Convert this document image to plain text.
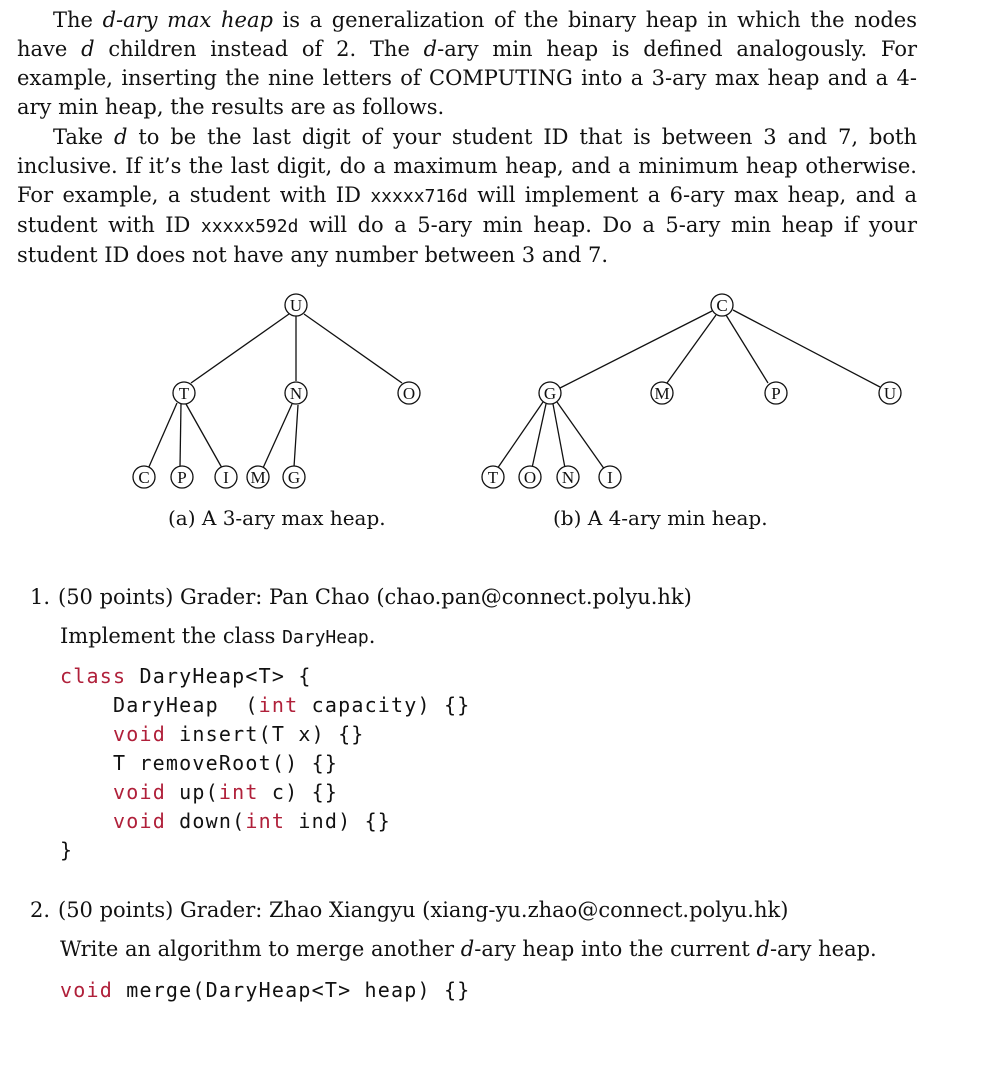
The d-ary max heap is a generalization of the binary heap in which the nodes have d children instead of 2. The d-ary min heap is defined analogously. For example, inserting the nine letters of COMPUTING into a 3-ary max heap and a 4-ary min heap, the results are as follows.

Take d to be the last digit of your student ID that is between 3 and 7, both inclusive. If it’s the last digit, do a maximum heap, and a minimum heap otherwise. For example, a student with ID xxxxx716d will implement a 6-ary max heap, and a student with ID xxxxx592d will do a 5-ary min heap. Do a 5-ary min heap if your student ID does not have any number between 3 and 7.

U
T	N	O
C P I M G
(a) A 3-ary max heap.
C
G	M	P	U
T O N I
(b) A 4-ary min heap.
1. (50 points) Grader: Pan Chao (chao.pan@connect.polyu.hk)
Implement the class DaryHeap.
class DaryHeap<T> {
DaryHeap  (int capacity) {}
void insert(T x) {}
T removeRoot() {}
void up(int c) {}
void down(int ind) {}
}
2. (50 points) Grader: Zhao Xiangyu (xiang-yu.zhao@connect.polyu.hk)
Write an algorithm to merge another d-ary heap into the current d-ary heap.
void merge(DaryHeap<T> heap) {}
